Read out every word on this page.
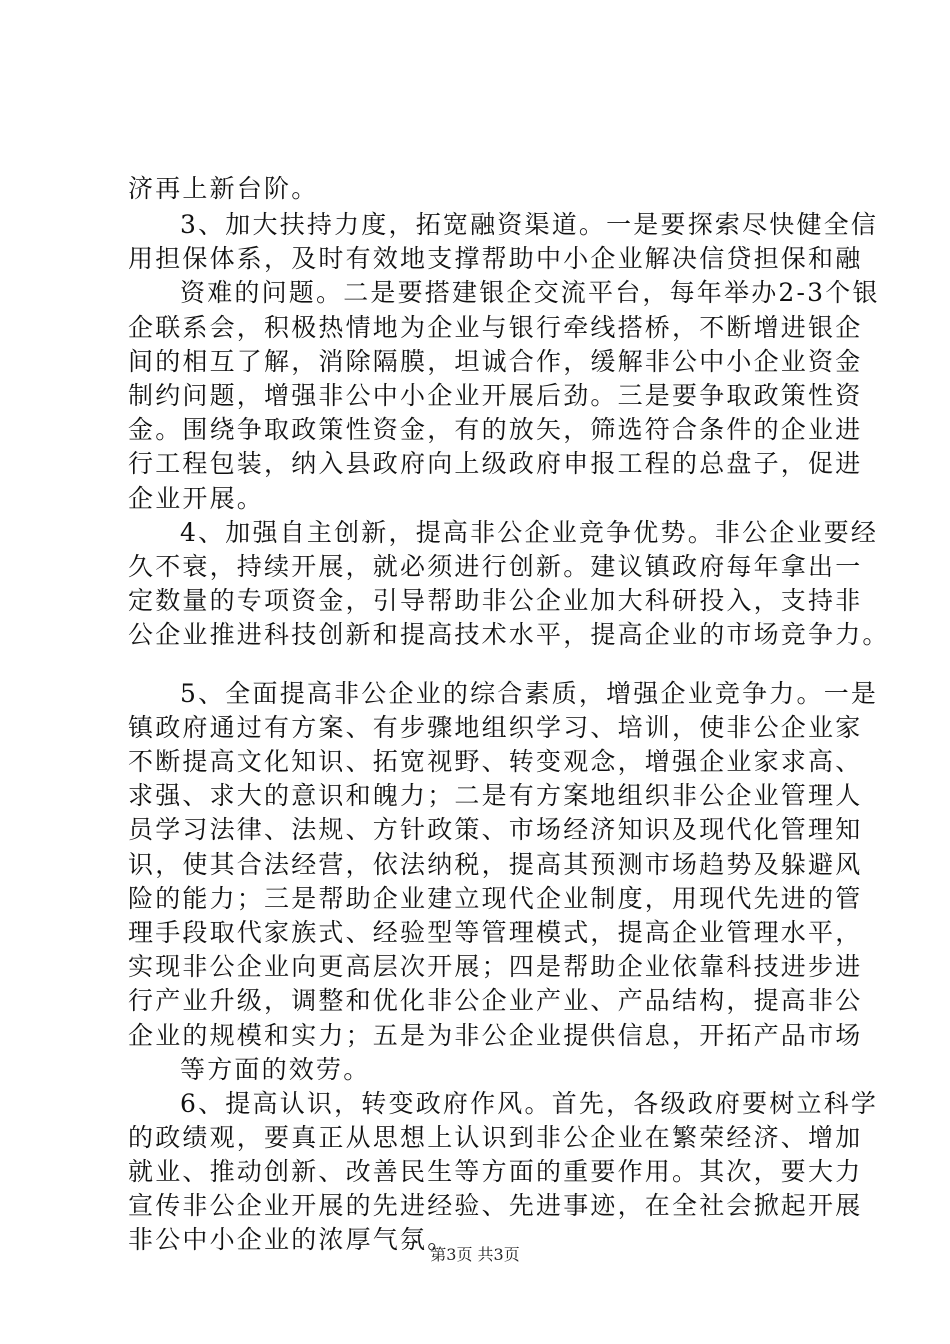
济再上新台阶。
3、加大扶持力度，拓宽融资渠道。一是要探索尽快健全信
用担保体系，及时有效地支撑帮助中小企业解决信贷担保和融
资难的问题。二是要搭建银企交流平台，每年举办2-3个银
企联系会，积极热情地为企业与银行牵线搭桥，不断增进银企
间的相互了解，消除隔膜，坦诚合作，缓解非公中小企业资金
制约问题，增强非公中小企业开展后劲。三是要争取政策性资
金。围绕争取政策性资金，有的放矢，筛选符合条件的企业进
行工程包装，纳入县政府向上级政府申报工程的总盘子，促进
企业开展。
4、加强自主创新，提高非公企业竞争优势。非公企业要经
久不衰，持续开展，就必须进行创新。建议镇政府每年拿出一
定数量的专项资金，引导帮助非公企业加大科研投入，支持非
公企业推进科技创新和提高技术水平，提高企业的市场竞争力。
5、全面提高非公企业的综合素质，增强企业竞争力。一是
镇政府通过有方案、有步骤地组织学习、培训，使非公企业家
不断提高文化知识、拓宽视野、转变观念，增强企业家求高、
求强、求大的意识和魄力；二是有方案地组织非公企业管理人
员学习法律、法规、方针政策、市场经济知识及现代化管理知
识，使其合法经营，依法纳税，提高其预测市场趋势及躲避风
险的能力；三是帮助企业建立现代企业制度，用现代先进的管
理手段取代家族式、经验型等管理模式，提高企业管理水平，
实现非公企业向更高层次开展；四是帮助企业依靠科技进步进
行产业升级，调整和优化非公企业产业、产品结构，提高非公
企业的规模和实力；五是为非公企业提供信息，开拓产品市场
等方面的效劳。
6、提高认识，转变政府作风。首先，各级政府要树立科学
的政绩观，要真正从思想上认识到非公企业在繁荣经济、增加
就业、推动创新、改善民生等方面的重要作用。其次，要大力
宣传非公企业开展的先进经验、先进事迹，在全社会掀起开展
非公中小企业的浓厚气氛。
第3页 共3页
